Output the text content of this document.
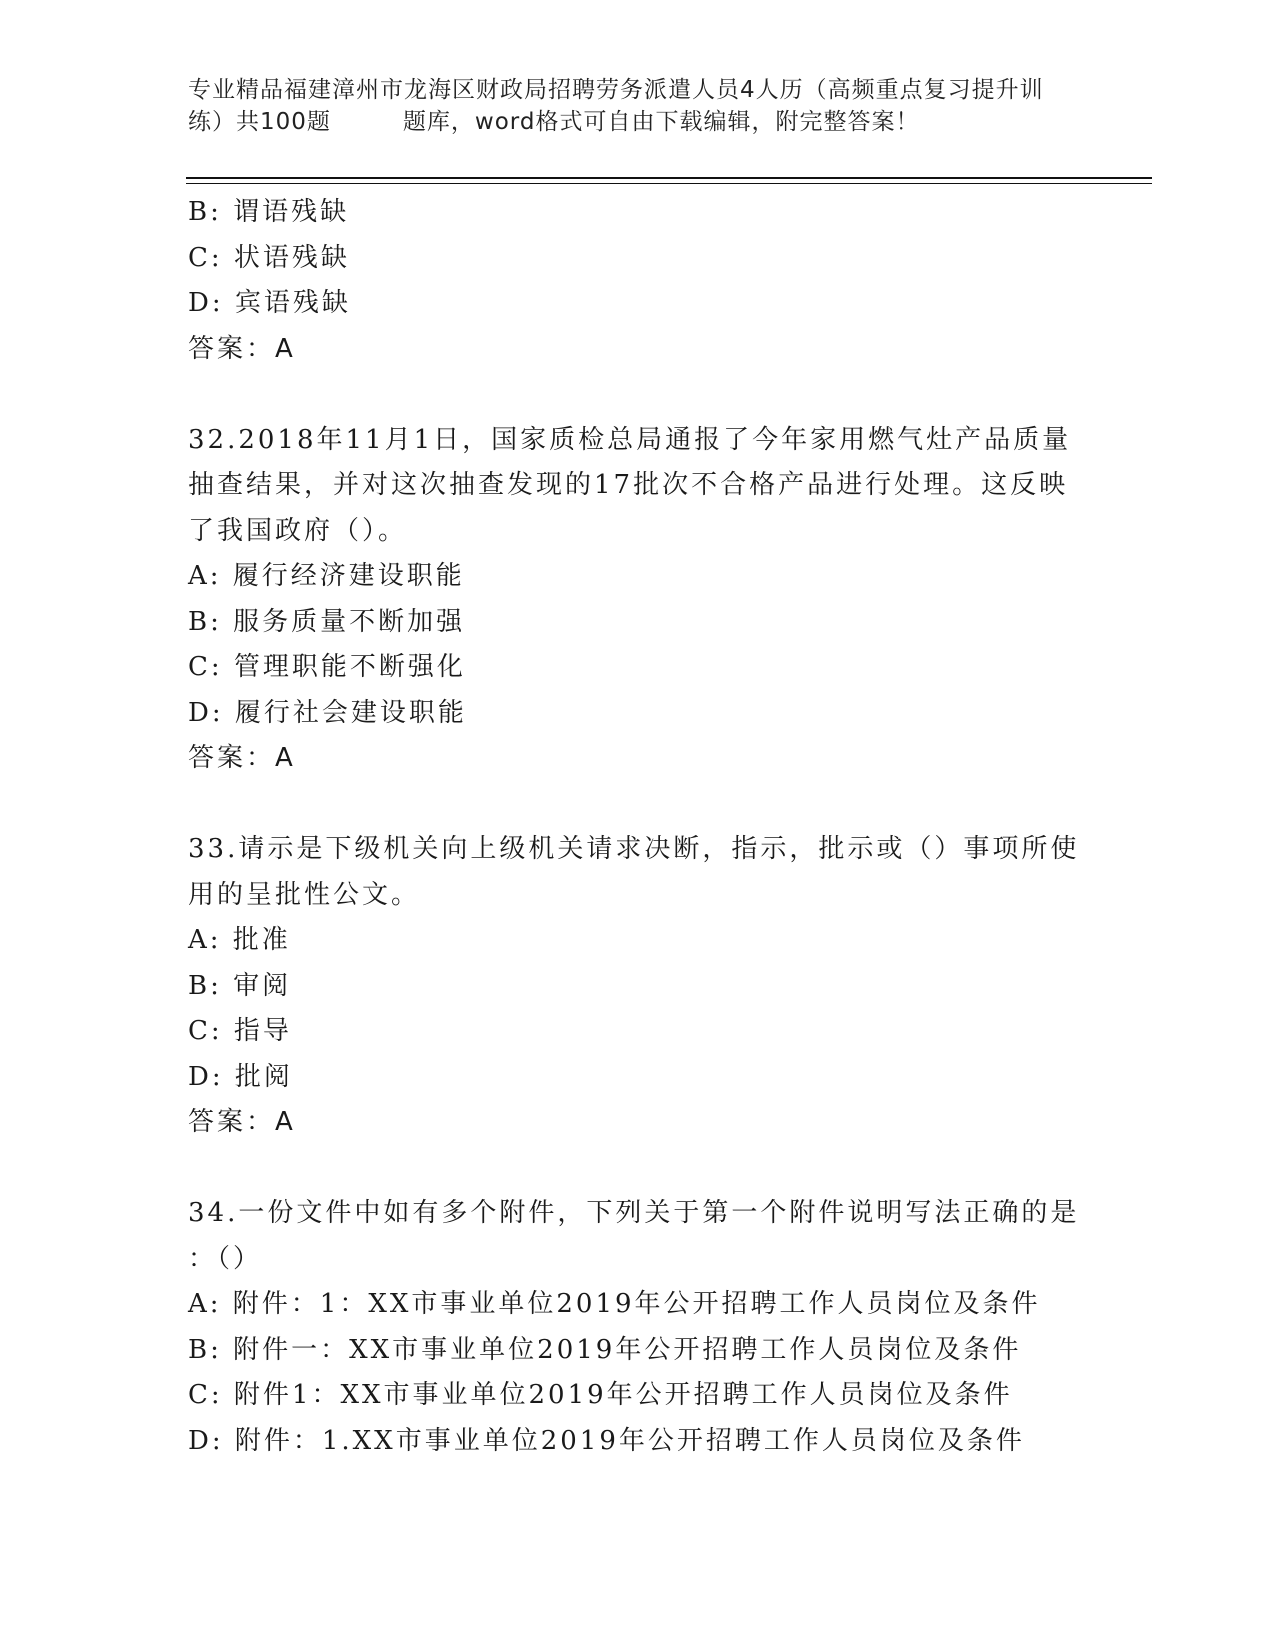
专业精品福建漳州市龙海区财政局招聘劳务派遣人员4人历（高频重点复习提升训
练）共100题	题库，word格式可自由下载编辑，附完整答案！
B: 谓语残缺
C: 状语残缺
D: 宾语残缺
答案：A
32.2018年11月1日，国家质检总局通报了今年家用燃气灶产品质量
抽查结果，并对这次抽查发现的17批次不合格产品进行处理。这反映
了我国政府（）。
A: 履行经济建设职能
B: 服务质量不断加强
C: 管理职能不断强化
D: 履行社会建设职能
答案：A
33.请示是下级机关向上级机关请求决断，指示，批示或（）事项所使
用的呈批性公文。
A: 批准
B: 审阅
C: 指导
D: 批阅
答案：A
34.一份文件中如有多个附件，下列关于第一个附件说明写法正确的是
：（）
A: 附件：1：XX市事业单位2019年公开招聘工作人员岗位及条件
B: 附件一：XX市事业单位2019年公开招聘工作人员岗位及条件
C: 附件1：XX市事业单位2019年公开招聘工作人员岗位及条件
D: 附件：1.XX市事业单位2019年公开招聘工作人员岗位及条件
